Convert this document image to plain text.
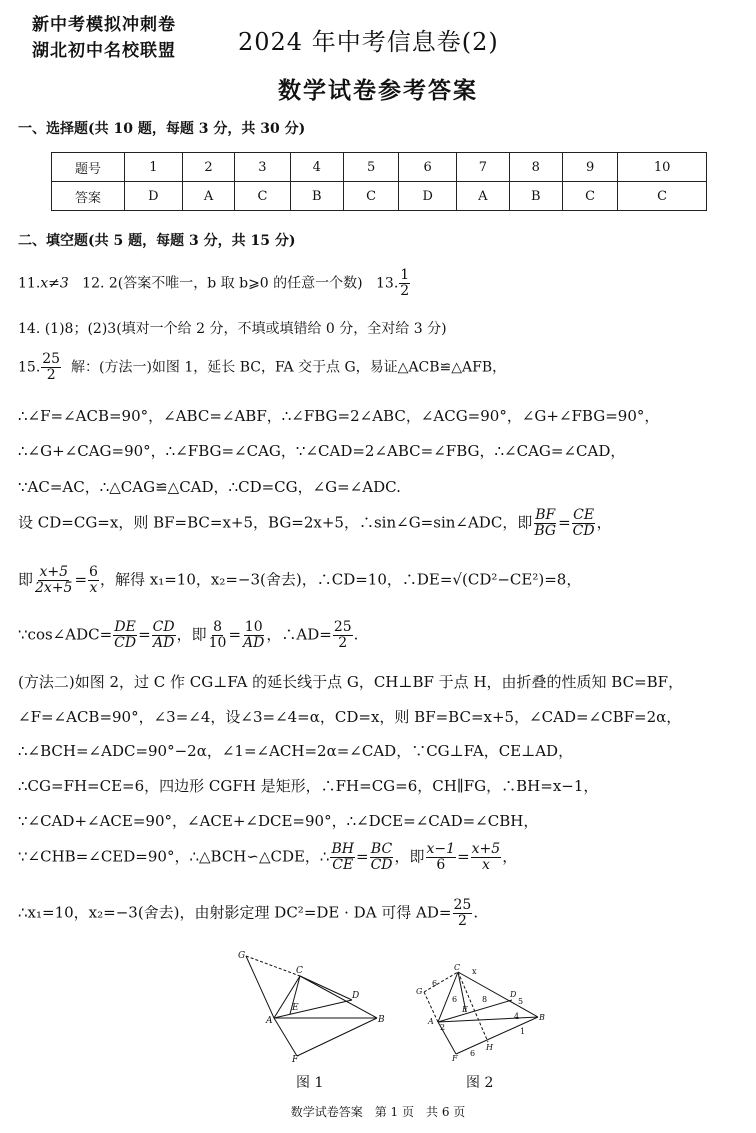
新中考模拟冲刺卷
湖北初中名校联盟	2024 年中考信息卷(2)
数学试卷参考答案
一、选择题(共 10 题，每题 3 分，共 30 分)
题号	1	2	3	4	5	6	7	8	9	10
答案	D	A	C	B	C	D	A	B	C	C
二、填空题(共 5 题，每题 3 分，共 15 分)
11.x≠3 12. 2(答案不唯一，b 取 b⩾0 的任意一个数) 13. $\frac{1}{2}$
14. (1)8；(2)3(填对一个给 2 分，不填或填错给 0 分，全对给 3 分)
15. $\frac{25}{2}$ 解：(方法一)如图 1，延长 BC，FA 交于点 G，易证△ACB≌△AFB，
∴∠F=∠ACB=90°，∠ABC=∠ABF，∴∠FBG=2∠ABC，∠ACG=90°，∠G+∠FBG=90°，
∴∠G+∠CAG=90°，∴∠FBG=∠CAG，∵∠CAD=2∠ABC=∠FBG，∴∠CAG=∠CAD，
∵AC=AC，∴△CAG≌△CAD，∴CD=CG，∠G=∠ADC.
设 CD=CG=x，则 BF=BC=x+5，BG=2x+5，∴sin∠G=sin∠ADC，即 $\frac{BF}{BG} = \frac{CE}{CD}$ ，
即 $\frac{x+5}{2x+5} = \frac{6}{x}$ ，解得 x₁=10，x₂=−3(舍去)，∴CD=10，∴DE=√(CD²−CE²)=8，
∵cos∠ADC= $\frac{DE}{CD} = \frac{CD}{AD}$ ，即 $\frac{8}{10} = \frac{10}{AD}$ ，∴AD= $\frac{25}{2}$ .
(方法二)如图 2，过 C 作 CG⊥FA 的延长线于点 G，CH⊥BF 于点 H，由折叠的性质知 BC=BF，
∠F=∠ACB=90°，∠3=∠4，设∠3=∠4=α，CD=x，则 BF=BC=x+5，∠CAD=∠CBF=2α，
∴∠BCH=∠ADC=90°−2α，∠1=∠ACH=2α=∠CAD，∵CG⊥FA，CE⊥AD，
∴CG=FH=CE=6，四边形 CGFH 是矩形，∴FH=CG=6，CH∥FG，∴BH=x−1，
∵∠CAD+∠ACE=90°，∠ACE+∠DCE=90°，∴∠DCE=∠CAD=∠CBH，
∵∠CHB=∠CED=90°，∴△BCH∽△CDE，∴ $\frac{BH}{CE} = \frac{BC}{CD}$ ，即 $\frac{x-1}{6} = \frac{x+5}{x}$ ，
∴x₁=10，x₂=−3(舍去)，由射影定理 DC²=DE · DA 可得 $AD= \frac{25}{2}$ .
G
C
A
D
B
F
E
图 1
G
C
A
D
B
F
H
E
6
6	8	5
6
2
4
1
x
图 2
数学试卷答案　第 1 页　共 6 页
